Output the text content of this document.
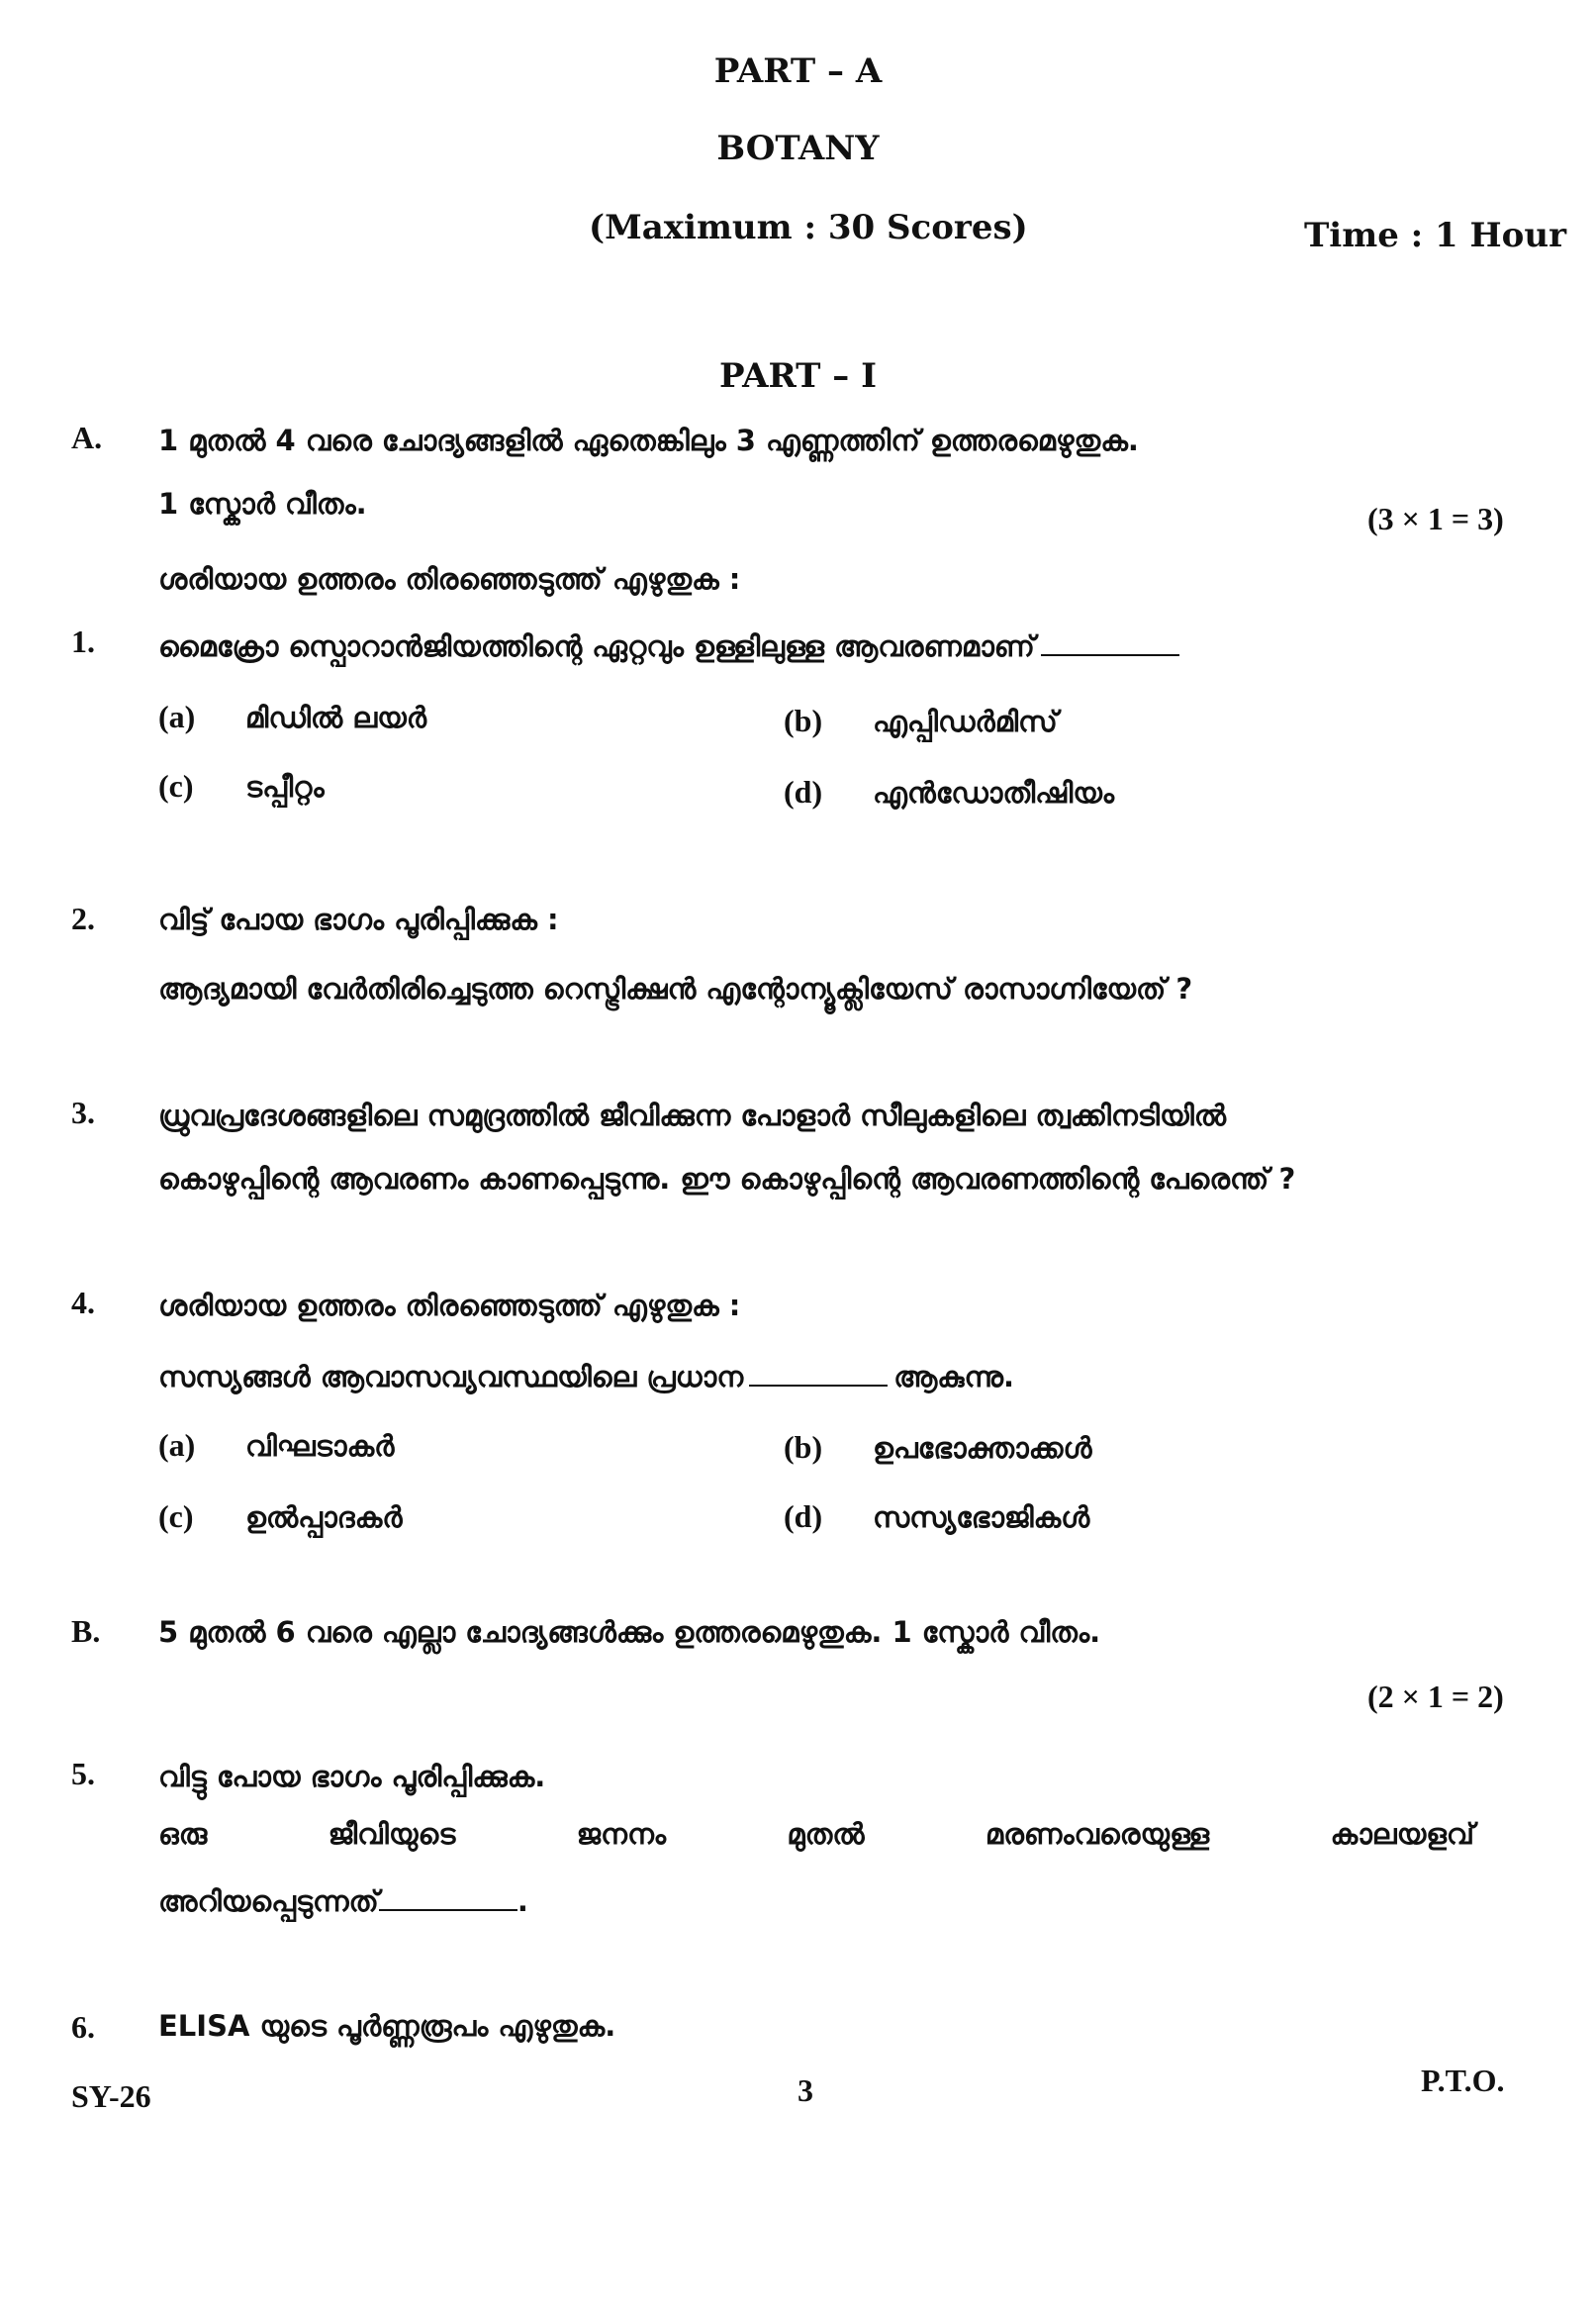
PART – A
BOTANY
(Maximum : 30 Scores)	Time : 1 Hour
PART – I
A. 1 മുതൽ 4 വരെ ചോദ്യങ്ങളിൽ ഏതെങ്കിലും 3 എണ്ണത്തിന് ഉത്തരമെഴുതുക.
1 സ്കോർ വീതം.	(3 × 1 = 3)
ശരിയായ ഉത്തരം തിരഞ്ഞെടുത്ത് എഴുതുക :
1. മൈക്രോ സ്പൊറാൻജിയത്തിന്റെ ഏറ്റവും ഉള്ളിലുള്ള ആവരണമാണ്
(a) മിഡിൽ ലയർ	(b) എപ്പിഡർമിസ്
(c) ടപ്പീറ്റം	(d) എൻഡോതീഷിയം
2. വിട്ട് പോയ ഭാഗം പൂരിപ്പിക്കുക :
ആദ്യമായി വേർതിരിച്ചെടുത്ത റെസ്ട്രിക്ഷൻ എന്റോന്യൂക്ലിയേസ് രാസാഗ്നിയേത് ?
3. ധ്രുവപ്രദേശങ്ങളിലെ സമുദ്രത്തിൽ ജീവിക്കുന്ന പോളാർ സീലുകളിലെ ത്വക്കിനടിയിൽ
കൊഴുപ്പിന്റെ ആവരണം കാണപ്പെടുന്നു. ഈ കൊഴുപ്പിന്റെ ആവരണത്തിന്റെ പേരെന്ത് ?
4. ശരിയായ ഉത്തരം തിരഞ്ഞെടുത്ത് എഴുതുക :
സസ്യങ്ങൾ ആവാസവ്യവസ്ഥയിലെ പ്രധാന	ആകുന്നു.
(a) വിഘടാകർ	(b) ഉപഭോക്താക്കൾ
(c) ഉൽപ്പാദകർ	(d) സസ്യഭോജികൾ
B. 5 മുതൽ 6 വരെ എല്ലാ ചോദ്യങ്ങൾക്കും ഉത്തരമെഴുതുക. 1 സ്കോർ വീതം.
(2 × 1 = 2)
5. വിട്ടു പോയ ഭാഗം പൂരിപ്പിക്കുക.
ഒരു	ജീവിയുടെ	ജനനം	മുതൽ	മരണംവരെയുള്ള	കാലയളവ്
അറിയപ്പെടുന്നത്	.
6. ELISA യുടെ പൂർണ്ണരൂപം എഴുതുക.
SY-26	3	P.T.O.
